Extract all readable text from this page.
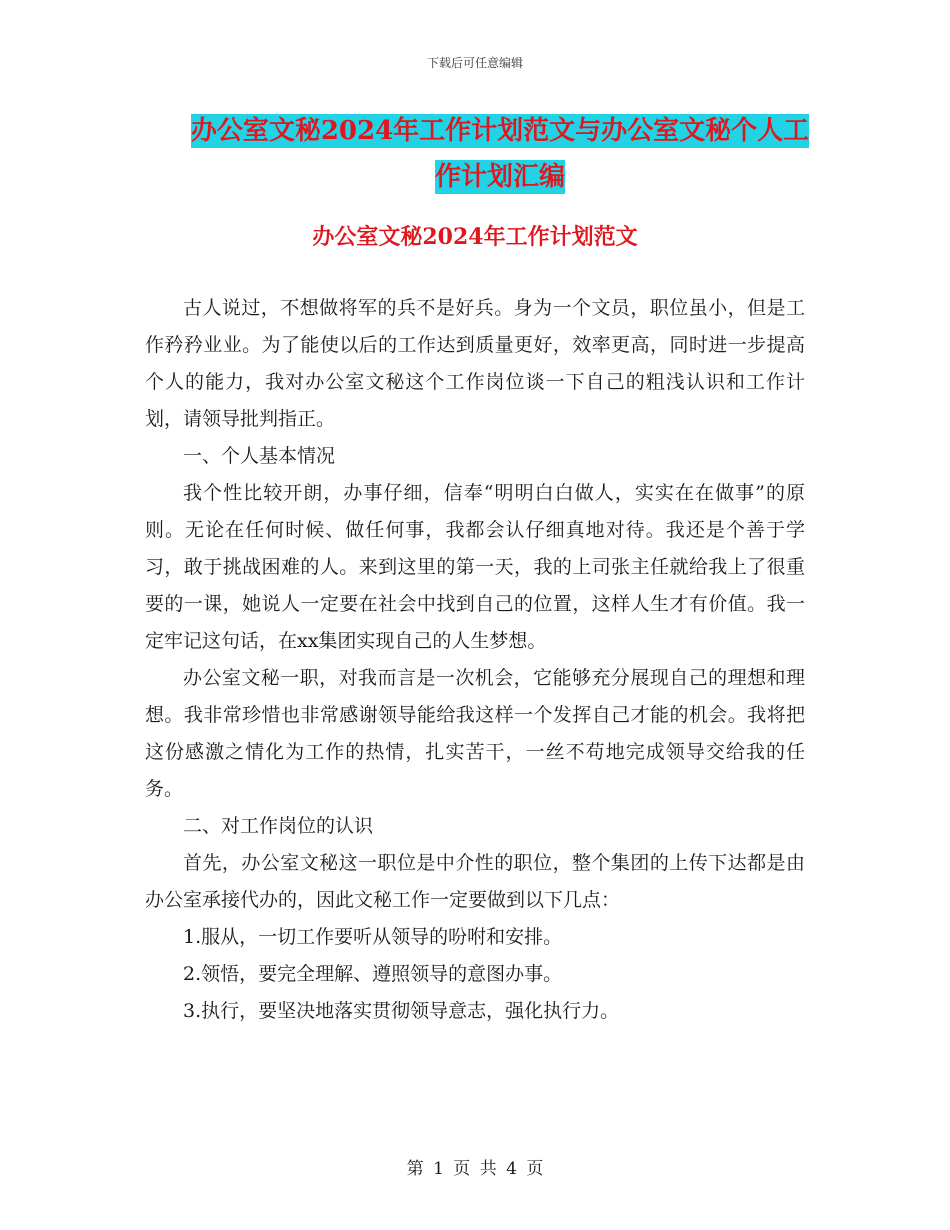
下载后可任意编辑
办公室文秘2024年工作计划范文与办公室文秘个人工
作计划汇编
办公室文秘2024年工作计划范文

古人说过，不想做将军的兵不是好兵。身为一个文员，职位虽小，但是工作矜矜业业。为了能使以后的工作达到质量更好，效率更高，同时进一步提高个人的能力，我对办公室文秘这个工作岗位谈一下自己的粗浅认识和工作计划，请领导批判指正。

一、个人基本情况

我个性比较开朗，办事仔细，信奉“明明白白做人，实实在在做事”的原则。无论在任何时候、做任何事，我都会认仔细真地对待。我还是个善于学习，敢于挑战困难的人。来到这里的第一天，我的上司张主任就给我上了很重要的一课，她说人一定要在社会中找到自己的位置，这样人生才有价值。我一定牢记这句话，在xx集团实现自己的人生梦想。

办公室文秘一职，对我而言是一次机会，它能够充分展现自己的理想和理想。我非常珍惜也非常感谢领导能给我这样一个发挥自己才能的机会。我将把这份感激之情化为工作的热情，扎实苦干，一丝不苟地完成领导交给我的任务。

二、对工作岗位的认识

首先，办公室文秘这一职位是中介性的职位，整个集团的上传下达都是由办公室承接代办的，因此文秘工作一定要做到以下几点：

1.服从，一切工作要听从领导的吩咐和安排。

2.领悟，要完全理解、遵照领导的意图办事。

3.执行，要坚决地落实贯彻领导意志，强化执行力。

第 1 页 共 4 页
